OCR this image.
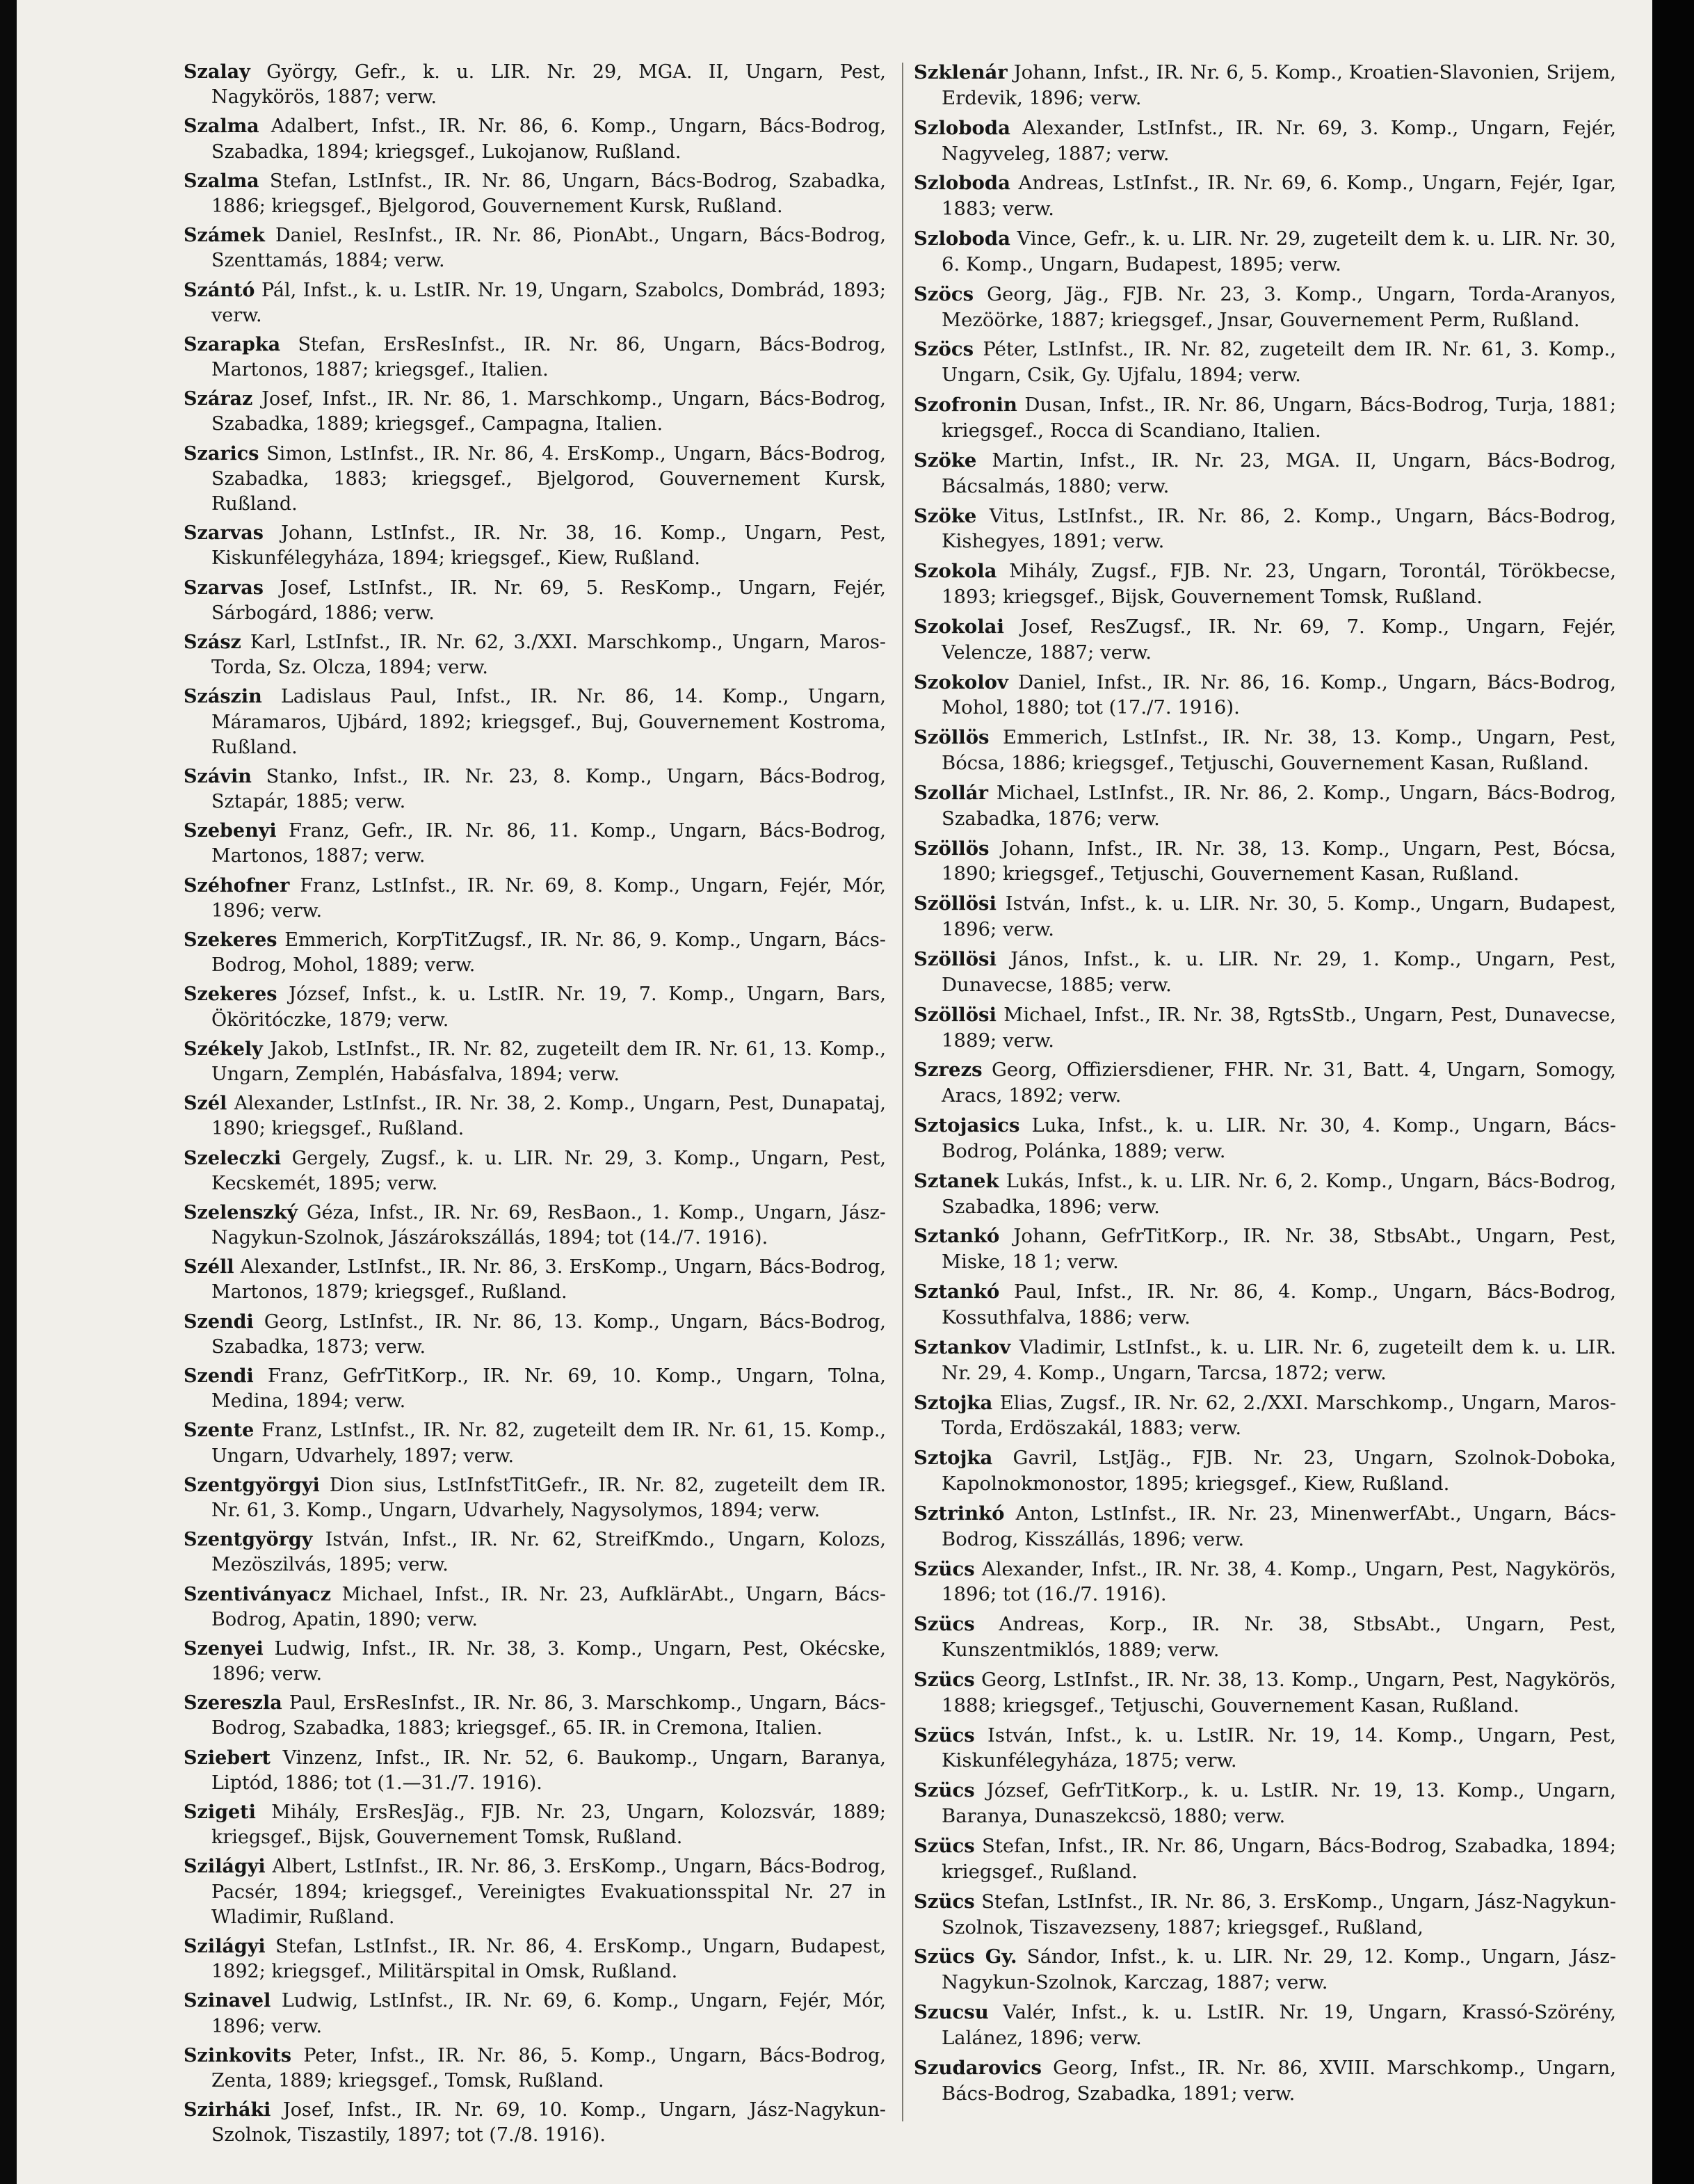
Szalay György, Gefr., k. u. LIR. Nr. 29, MGA. II, Ungarn, Pest, Nagykörös, 1887; verw.

Szalma Adalbert, Infst., IR. Nr. 86, 6. Komp., Ungarn, Bács-Bodrog, Szabadka, 1894; kriegsgef., Lukojanow, Rußland.

Szalma Stefan, LstInfst., IR. Nr. 86, Ungarn, Bács-Bodrog, Szabadka, 1886; kriegsgef., Bjelgorod, Gouvernement Kursk, Rußland.

Számek Daniel, ResInfst., IR. Nr. 86, PionAbt., Ungarn, Bács-Bodrog, Szenttamás, 1884; verw.

Szántó Pál, Infst., k. u. LstIR. Nr. 19, Ungarn, Szabolcs, Dombrád, 1893; verw.

Szarapka Stefan, ErsResInfst., IR. Nr. 86, Ungarn, Bács-Bodrog, Martonos, 1887; kriegsgef., Italien.

Száraz Josef, Infst., IR. Nr. 86, 1. Marschkomp., Ungarn, Bács-Bodrog, Szabadka, 1889; kriegsgef., Campagna, Italien.

Szarics Simon, LstInfst., IR. Nr. 86, 4. ErsKomp., Ungarn, Bács-Bodrog, Szabadka, 1883; kriegsgef., Bjelgorod, Gouvernement Kursk, Rußland.

Szarvas Johann, LstInfst., IR. Nr. 38, 16. Komp., Ungarn, Pest, Kiskunfélegyháza, 1894; kriegsgef., Kiew, Rußland.

Szarvas Josef, LstInfst., IR. Nr. 69, 5. ResKomp., Ungarn, Fejér, Sárbogárd, 1886; verw.

Szász Karl, LstInfst., IR. Nr. 62, 3./XXI. Marschkomp., Ungarn, Maros-Torda, Sz. Olcza, 1894; verw.

Szászin Ladislaus Paul, Infst., IR. Nr. 86, 14. Komp., Ungarn, Máramaros, Ujbárd, 1892; kriegsgef., Buj, Gouvernement Kostroma, Rußland.

Szávin Stanko, Infst., IR. Nr. 23, 8. Komp., Ungarn, Bács-Bodrog, Sztapár, 1885; verw.

Szebenyi Franz, Gefr., IR. Nr. 86, 11. Komp., Ungarn, Bács-Bodrog, Martonos, 1887; verw.

Széhofner Franz, LstInfst., IR. Nr. 69, 8. Komp., Ungarn, Fejér, Mór, 1896; verw.

Szekeres Emmerich, KorpTitZugsf., IR. Nr. 86, 9. Komp., Ungarn, Bács-Bodrog, Mohol, 1889; verw.

Szekeres József, Infst., k. u. LstIR. Nr. 19, 7. Komp., Ungarn, Bars, Ököritóczke, 1879; verw.

Székely Jakob, LstInfst., IR. Nr. 82, zugeteilt dem IR. Nr. 61, 13. Komp., Ungarn, Zemplén, Habásfalva, 1894; verw.

Szél Alexander, LstInfst., IR. Nr. 38, 2. Komp., Ungarn, Pest, Dunapataj, 1890; kriegsgef., Rußland.

Szeleczki Gergely, Zugsf., k. u. LIR. Nr. 29, 3. Komp., Ungarn, Pest, Kecskemét, 1895; verw.

Szelenszký Géza, Infst., IR. Nr. 69, ResBaon., 1. Komp., Ungarn, Jász-Nagykun-Szolnok, Jászárokszállás, 1894; tot (14./7. 1916).

Széll Alexander, LstInfst., IR. Nr. 86, 3. ErsKomp., Ungarn, Bács-Bodrog, Martonos, 1879; kriegsgef., Rußland.

Szendi Georg, LstInfst., IR. Nr. 86, 13. Komp., Ungarn, Bács-Bodrog, Szabadka, 1873; verw.

Szendi Franz, GefrTitKorp., IR. Nr. 69, 10. Komp., Ungarn, Tolna, Medina, 1894; verw.

Szente Franz, LstInfst., IR. Nr. 82, zugeteilt dem IR. Nr. 61, 15. Komp., Ungarn, Udvarhely, 1897; verw.

Szentgyörgyi Dion sius, LstInfstTitGefr., IR. Nr. 82, zugeteilt dem IR. Nr. 61, 3. Komp., Ungarn, Udvarhely, Nagysolymos, 1894; verw.

Szentgyörgy István, Infst., IR. Nr. 62, StreifKmdo., Ungarn, Kolozs, Mezöszilvás, 1895; verw.

Szentiványacz Michael, Infst., IR. Nr. 23, AufklärAbt., Ungarn, Bács-Bodrog, Apatin, 1890; verw.

Szenyei Ludwig, Infst., IR. Nr. 38, 3. Komp., Ungarn, Pest, Okécske, 1896; verw.

Szereszla Paul, ErsResInfst., IR. Nr. 86, 3. Marschkomp., Ungarn, Bács-Bodrog, Szabadka, 1883; kriegsgef., 65. IR. in Cremona, Italien.

Sziebert Vinzenz, Infst., IR. Nr. 52, 6. Baukomp., Ungarn, Baranya, Liptód, 1886; tot (1.—31./7. 1916).

Szigeti Mihály, ErsResJäg., FJB. Nr. 23, Ungarn, Kolozsvár, 1889; kriegsgef., Bijsk, Gouvernement Tomsk, Rußland.

Szilágyi Albert, LstInfst., IR. Nr. 86, 3. ErsKomp., Ungarn, Bács-Bodrog, Pacsér, 1894; kriegsgef., Vereinigtes Evakuationsspital Nr. 27 in Wladimir, Rußland.

Szilágyi Stefan, LstInfst., IR. Nr. 86, 4. ErsKomp., Ungarn, Budapest, 1892; kriegsgef., Militärspital in Omsk, Rußland.

Szinavel Ludwig, LstInfst., IR. Nr. 69, 6. Komp., Ungarn, Fejér, Mór, 1896; verw.

Szinkovits Peter, Infst., IR. Nr. 86, 5. Komp., Ungarn, Bács-Bodrog, Zenta, 1889; kriegsgef., Tomsk, Rußland.

Szirháki Josef, Infst., IR. Nr. 69, 10. Komp., Ungarn, Jász-Nagykun-Szolnok, Tiszastily, 1897; tot (7./8. 1916).

Szklenár Johann, Infst., IR. Nr. 6, 5. Komp., Kroatien-Slavonien, Srijem, Erdevik, 1896; verw.

Szloboda Alexander, LstInfst., IR. Nr. 69, 3. Komp., Ungarn, Fejér, Nagyveleg, 1887; verw.

Szloboda Andreas, LstInfst., IR. Nr. 69, 6. Komp., Ungarn, Fejér, Igar, 1883; verw.

Szloboda Vince, Gefr., k. u. LIR. Nr. 29, zugeteilt dem k. u. LIR. Nr. 30, 6. Komp., Ungarn, Budapest, 1895; verw.

Szöcs Georg, Jäg., FJB. Nr. 23, 3. Komp., Ungarn, Torda-Aranyos, Mezöörke, 1887; kriegsgef., Jnsar, Gouvernement Perm, Rußland.

Szöcs Péter, LstInfst., IR. Nr. 82, zugeteilt dem IR. Nr. 61, 3. Komp., Ungarn, Csik, Gy. Ujfalu, 1894; verw.

Szofronin Dusan, Infst., IR. Nr. 86, Ungarn, Bács-Bodrog, Turja, 1881; kriegsgef., Rocca di Scandiano, Italien.

Szöke Martin, Infst., IR. Nr. 23, MGA. II, Ungarn, Bács-Bodrog, Bácsalmás, 1880; verw.

Szöke Vitus, LstInfst., IR. Nr. 86, 2. Komp., Ungarn, Bács-Bodrog, Kishegyes, 1891; verw.

Szokola Mihály, Zugsf., FJB. Nr. 23, Ungarn, Torontál, Törökbecse, 1893; kriegsgef., Bijsk, Gouvernement Tomsk, Rußland.

Szokolai Josef, ResZugsf., IR. Nr. 69, 7. Komp., Ungarn, Fejér, Velencze, 1887; verw.

Szokolov Daniel, Infst., IR. Nr. 86, 16. Komp., Ungarn, Bács-Bodrog, Mohol, 1880; tot (17./7. 1916).

Szöllös Emmerich, LstInfst., IR. Nr. 38, 13. Komp., Ungarn, Pest, Bócsa, 1886; kriegsgef., Tetjuschi, Gouvernement Kasan, Rußland.

Szollár Michael, LstInfst., IR. Nr. 86, 2. Komp., Ungarn, Bács-Bodrog, Szabadka, 1876; verw.

Szöllös Johann, Infst., IR. Nr. 38, 13. Komp., Ungarn, Pest, Bócsa, 1890; kriegsgef., Tetjuschi, Gouvernement Kasan, Rußland.

Szöllösi István, Infst., k. u. LIR. Nr. 30, 5. Komp., Ungarn, Budapest, 1896; verw.

Szöllösi János, Infst., k. u. LIR. Nr. 29, 1. Komp., Ungarn, Pest, Dunavecse, 1885; verw.

Szöllösi Michael, Infst., IR. Nr. 38, RgtsStb., Ungarn, Pest, Dunavecse, 1889; verw.

Szrezs Georg, Offiziersdiener, FHR. Nr. 31, Batt. 4, Ungarn, Somogy, Aracs, 1892; verw.

Sztojasics Luka, Infst., k. u. LIR. Nr. 30, 4. Komp., Ungarn, Bács-Bodrog, Polánka, 1889; verw.

Sztanek Lukás, Infst., k. u. LIR. Nr. 6, 2. Komp., Ungarn, Bács-Bodrog, Szabadka, 1896; verw.

Sztankó Johann, GefrTitKorp., IR. Nr. 38, StbsAbt., Ungarn, Pest, Miske, 18 1; verw.

Sztankó Paul, Infst., IR. Nr. 86, 4. Komp., Ungarn, Bács-Bodrog, Kossuthfalva, 1886; verw.

Sztankov Vladimir, LstInfst., k. u. LIR. Nr. 6, zugeteilt dem k. u. LIR. Nr. 29, 4. Komp., Ungarn, Tarcsa, 1872; verw.

Sztojka Elias, Zugsf., IR. Nr. 62, 2./XXI. Marschkomp., Ungarn, Maros-Torda, Erdöszakál, 1883; verw.

Sztojka Gavril, LstJäg., FJB. Nr. 23, Ungarn, Szolnok-Doboka, Kapolnokmonostor, 1895; kriegsgef., Kiew, Rußland.

Sztrinkó Anton, LstInfst., IR. Nr. 23, MinenwerfAbt., Ungarn, Bács-Bodrog, Kisszállás, 1896; verw.

Szücs Alexander, Infst., IR. Nr. 38, 4. Komp., Ungarn, Pest, Nagykörös, 1896; tot (16./7. 1916).

Szücs Andreas, Korp., IR. Nr. 38, StbsAbt., Ungarn, Pest, Kunszentmiklós, 1889; verw.

Szücs Georg, LstInfst., IR. Nr. 38, 13. Komp., Ungarn, Pest, Nagykörös, 1888; kriegsgef., Tetjuschi, Gouvernement Kasan, Rußland.

Szücs István, Infst., k. u. LstIR. Nr. 19, 14. Komp., Ungarn, Pest, Kiskunfélegyháza, 1875; verw.

Szücs József, GefrTitKorp., k. u. LstIR. Nr. 19, 13. Komp., Ungarn, Baranya, Dunaszekcsö, 1880; verw.

Szücs Stefan, Infst., IR. Nr. 86, Ungarn, Bács-Bodrog, Szabadka, 1894; kriegsgef., Rußland.

Szücs Stefan, LstInfst., IR. Nr. 86, 3. ErsKomp., Ungarn, Jász-Nagykun-Szolnok, Tiszavezseny, 1887; kriegsgef., Rußland,

Szücs Gy. Sándor, Infst., k. u. LIR. Nr. 29, 12. Komp., Ungarn, Jász-Nagykun-Szolnok, Karczag, 1887; verw.

Szucsu Valér, Infst., k. u. LstIR. Nr. 19, Ungarn, Krassó-Szörény, Lalánez, 1896; verw.

Szudarovics Georg, Infst., IR. Nr. 86, XVIII. Marschkomp., Ungarn, Bács-Bodrog, Szabadka, 1891; verw.
